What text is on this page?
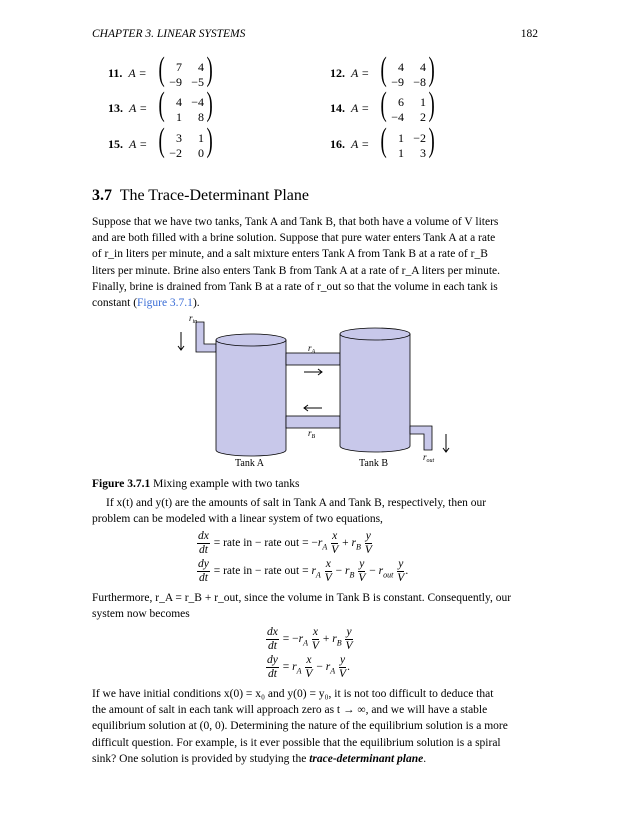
CHAPTER 3. LINEAR SYSTEMS	182
11. A = ( )
7	4
−9 −5
12. A = ( )
4	4
−9 −8
13. A = ( )
4 −4
1	8
14. A = ( )
6	1
−4	2
15. A = ( )
3	1
−2	0
16. A = ( )
1 −2
1	3
3.7 The Trace-Determinant Plane
Suppose that we have two tanks, Tank A and Tank B, that both have a volume of V liters
and are both filled with a brine solution. Suppose that pure water enters Tank A at a rate
of r_in liters per minute, and a salt mixture enters Tank A from Tank B at a rate of r_B
liters per minute. Brine also enters Tank B from Tank A at a rate of r_A liters per minute.
Finally, brine is drained from Tank B at a rate of r_out so that the volume in each tank is
constant (Figure 3.7.1).
$r_{in}$
$r_A$
$r_B$
$r_{out}$
Tank A	Tank B
Figure 3.7.1 Mixing example with two tanks
If x(t) and y(t) are the amounts of salt in Tank A and Tank B, respectively, then our
problem can be modeled with a linear system of two equations,
$\frac{dx}{dt}$ = rate in − rate out = $-r_A \frac{x}{V} + r_B \frac{y}{V}$
$\frac{dy}{dt}$ = rate in − rate out = $r_A \frac{x}{V} - r_B \frac{y}{V} - r_{out} \frac{y}{V}$ .
Furthermore, r_A = r_B + r_out, since the volume in Tank B is constant. Consequently, our
system now becomes
$\frac{dx}{dt} = -r_A \frac{x}{V} + r_B \frac{y}{V}$
$\frac{dy}{dt} = r_A \frac{x}{V} - r_A \frac{y}{V}$ .
If we have initial conditions x(0) = x₀ and y(0) = y₀, it is not too difficult to deduce that
the amount of salt in each tank will approach zero as t → ∞, and we will have a stable
equilibrium solution at (0, 0). Determining the nature of the equilibrium solution is a more
difficult question. For example, is it ever possible that the equilibrium solution is a spiral
sink? One solution is provided by studying the trace-determinant plane.
